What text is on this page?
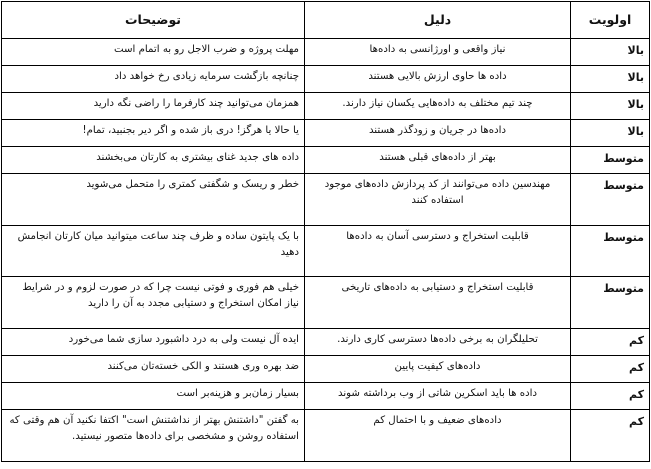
اولویت	دلیل	توضیحات
بالا	نیاز واقعی و اورژانسی به داده‌ها	مهلت پروژه و ضرب الاجل رو به اتمام است
بالا	داده ها حاوی ارزش بالایی هستند	چنانچه بازگشت سرمایه زیادی رخ خواهد داد
بالا	چند تیم مختلف به داده‌هایی یکسان نیاز دارند.	همزمان می‌توانید چند کارفرما را راضی نگه دارید
بالا	داده‌ها در جریان و زودگذر هستند	یا حالا یا هرگز! دری باز شده و اگر دیر بجنبید، تمام!
متوسط	بهتر از داده‌های قبلی هستند	داده های جدید غنای بیشتری به کارتان می‌بخشند
متوسط	مهندسین داده می‌توانند از کد پردازش داده‌های موجود استفاده کنند	خطر و ریسک و شگفتی کمتری را متحمل می‌شوید
متوسط	قابلیت استخراج و دسترسی آسان به داده‌ها	با یک پایتون ساده و ظرف چند ساعت میتوانید میان کارتان انجامش دهید
متوسط	قابلیت استخراج و دستیابی به داده‌های تاریخی	خیلی هم فوری و فوتی نیست چرا که در صورت لزوم و در شرایط نیاز امکان استخراج و دستیابی مجدد به آن را دارید
کم	تحلیلگران به برخی داده‌ها دسترسی کاری دارند.	ایده آل نیست ولی به درد داشبورد سازی شما می‌خورد
کم	داده‌های کیفیت پایین	ضد بهره وری هستند و الکی خسته‌تان می‌کنند
کم	داده ها باید اسکرین شاتی از وب برداشته شوند	بسیار زمان‌بر و هزینه‌بر است
کم	داده‌های ضعیف و با احتمال کم	به گفتن "داشتنش بهتر از نداشتنش است" اکتفا نکنید آن هم وقتی که استفاده روشن و مشخصی برای داده‌ها متصور نیستید.
